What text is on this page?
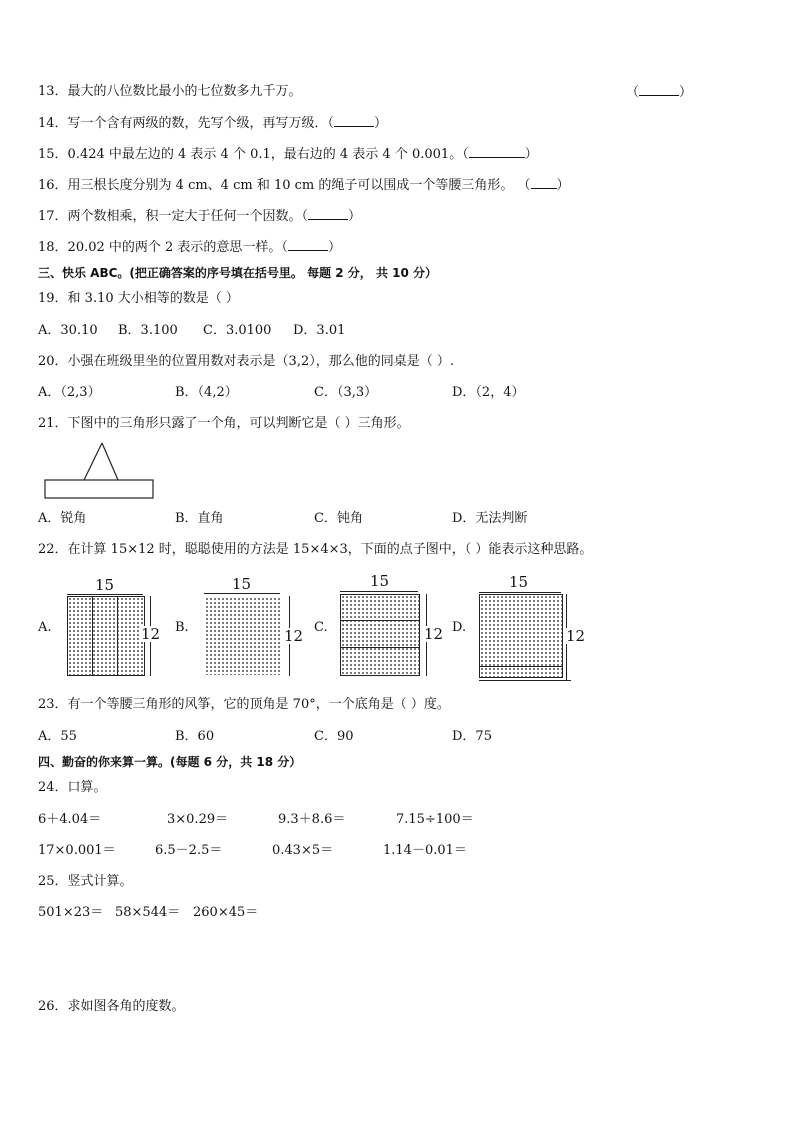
13．最大的八位数比最小的七位数多九千万。	（	）
14．写一个含有两级的数，先写个级，再写万级．（	）
15．0.424 中最左边的 4 表示 4 个 0.1，最右边的 4 表示 4 个 0.001。（	）
16．用三根长度分别为 4 cm、4 cm 和 10 cm 的绳子可以围成一个等腰三角形。 （ ）
17．两个数相乘，积一定大于任何一个因数。（	）
18．20.02 中的两个 2 表示的意思一样。（	）
三、快乐 ABC。(把正确答案的序号填在括号里。 每题 2 分， 共 10 分）
19．和 3.10 大小相等的数是（ ）
A．30.10 B．3.100 C．3.0100 D．3.01
20．小强在班级里坐的位置用数对表示是（3,2），那么他的同桌是（ ）.
A．（2,3）	B．（4,2）	C．（3,3）	D．（2，4）
21．下图中的三角形只露了一个角，可以判断它是（ ）三角形。
A．锐角	B．直角	C．钝角	D．无法判断
22．在计算 15×12 时，聪聪使用的方法是 15×4×3，下面的点子图中，（ ）能表示这种思路。
A.
15
12 B.
15
12 C.
15
12 D.
15
12
23．有一个等腰三角形的风筝，它的顶角是 70°，一个底角是（ ）度。
A．55	B．60	C．90	D．75
四、勤奋的你来算一算。(每题 6 分，共 18 分）
24．口算。
6＋4.04＝	3×0.29＝	9.3＋8.6＝	7.15÷100＝
17×0.001＝	6.5－2.5＝	0.43×5＝	1.14－0.01＝
25．竖式计算。
501×23＝ 58×544＝ 260×45＝
26．求如图各角的度数。
